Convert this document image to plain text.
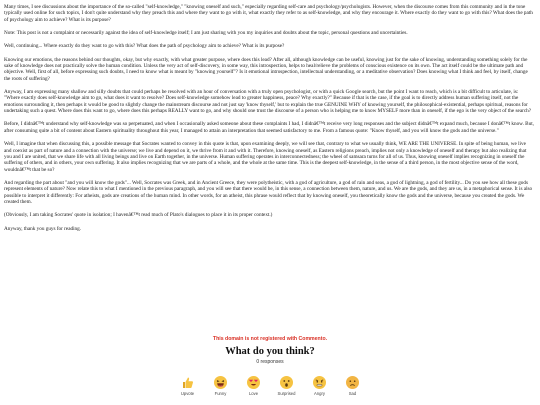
Many times, I see discussions about the importance of the so-called "self-knowledge," "knowing oneself and such," especially regarding self-care and psychology/psychologists. However, when the discourse comes from this community and in the tone typically used online for such topics, I don't quite understand why they preach this and where they want to go with it, what exactly they refer to as self-knowledge, and why they encourage it. Where exactly do they want to go with this? What does the path of psychology aim to achieve? What is its purpose?

Note: This post is not a complaint or necessarily against the idea of self-knowledge itself; I am just sharing with you my inquiries and doubts about the topic, personal questions and uncertainties.

Well, continuing... Where exactly do they want to go with this? What does the path of psychology aim to achieve? What is its purpose?

Knowing our emotions, the reasons behind our thoughts, okay, but why exactly, with what greater purpose, where does this lead? After all, although knowledge can be useful, knowing just for the sake of knowing, understanding something solely for the sake of knowledge does not practically solve the human condition. Unless the very act of self-discovery, in some way, this introspection, helps to heal/relieve the problems of conscious existence on its own. The act itself could be the ultimate path and objective. Well, first of all, before expressing such doubts, I need to know what is meant by "knowing yourself"? Is it emotional introspection, intellectual understanding, or a meditative observation? Does knowing what I think and feel, by itself, change the roots of suffering?

Anyway, I am expressing many shallow and silly doubts that could perhaps be resolved with an hour of conversation with a truly open psychologist, or with a quick Google search, but the point I want to reach, which is a bit difficult to articulate, is: "Where exactly does self-knowledge aim to go, what does it want to resolve? Does self-knowledge somehow lead to greater happiness, peace? Why exactly?" Because if that is the case, if the goal is to directly address human suffering itself, not the emotions surrounding it, then perhaps it would be good to slightly change the mainstream discourse and not just say 'know thyself,' but to explain the true GENUINE WHY of knowing yourself, the philosophical-existential, perhaps spiritual, reasons for undertaking such a quest. Where does this want to go, where does this perhaps REALLY want to go, and why should one trust the discourse of a person who is helping me to know MYSELF more than in oneself, if the ego is the very object of the search?

Before, I didnâ€™t understand why self-knowledge was so perpetuated, and when I occasionally asked someone about these complaints I had, I didnâ€™t receive very long responses and the subject didnâ€™t expand much, because I donâ€™t know. But, after consuming quite a bit of content about Eastern spirituality throughout this year, I managed to attain an interpretation that seemed satisfactory to me. From a famous quote: "Know thyself, and you will know the gods and the universe."

Well, I imagine that when discussing this, a possible message that Socrates wanted to convey in this quote is that, upon examining deeply, we will see that, contrary to what we usually think, WE ARE THE UNIVERSE. In spite of being human, we live and coexist as part of nature and a connection with the universe; we live and depend on it, we thrive from it and with it. Therefore, knowing oneself, as Eastern religions preach, implies not only a knowledge of oneself and therapy but also realizing that you and I are united, that we share life with all living beings and live on Earth together, in the universe. Human suffering operates in interconnectedness; the wheel of samsara turns for all of us. Thus, knowing oneself implies recognizing in oneself the suffering of others, and in others, your own suffering. It also implies recognizing that we are parts of a whole, and the whole at the same time. This is the deepest self-knowledge, in the sense of a third person, in the most objective sense of the word, wouldnâ€™t that be so?

And regarding the part about "and you will know the gods"... Well, Socrates was Greek, and in Ancient Greece, they were polytheistic, with a god of agriculture, a god of rain and seas, a god of lightning, a god of fertility... Do you see how all these gods represent elements of nature? Now relate this to what I mentioned in the previous paragraph, and you will see that there would be, in this sense, a connection between them, nature, and us. We are the gods, and they are us, in a metaphorical sense. It is also possible to interpret it differently: For atheists, gods are creations of the human mind. In other words, for an atheist, this phrase would reflect that by knowing oneself, you theoretically know the gods and the universe, because you created the gods. We created them.

(Obviously, I am taking Socrates' quote in isolation; I havenâ€™t read much of Plato's dialogues to place it in its proper context.)

Anyway, thank you guys for reading.

This domain is not registered with Commento.
What do you think?
0 responses
Upvote	Funny	Love	Surprised	Angry	Sad
